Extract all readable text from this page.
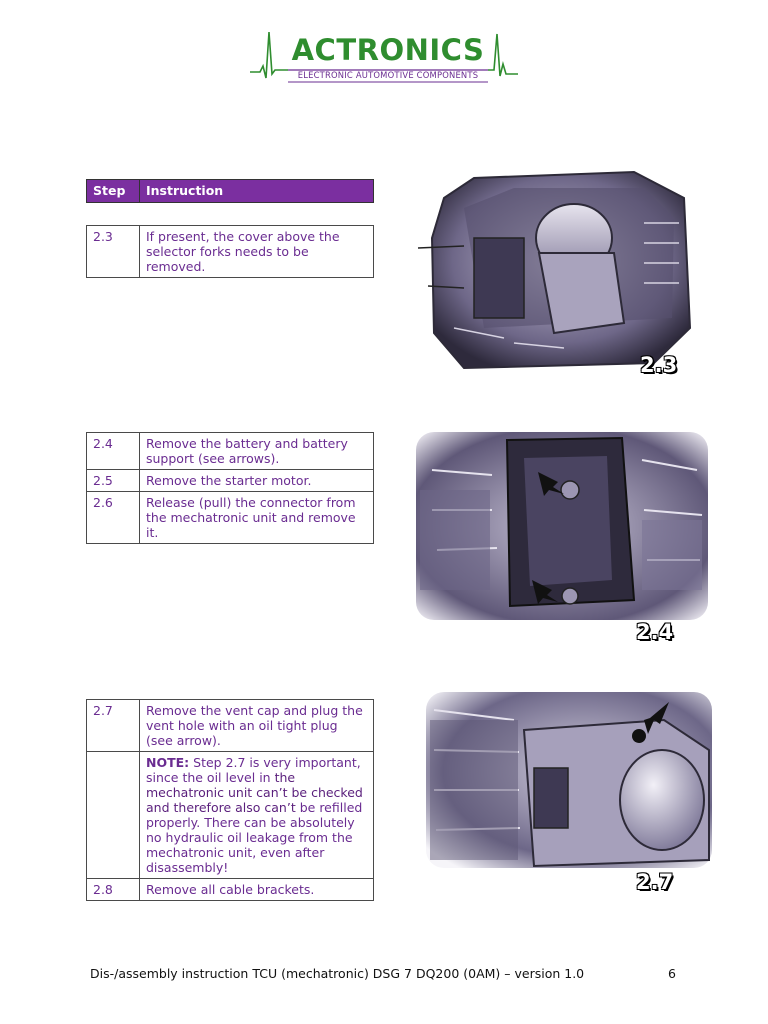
ACTRONICS
ELECTRONIC AUTOMOTIVE COMPONENTS
Step	Instruction
2.3	If present, the cover above the selector forks needs to be removed.
2.4	Remove the battery and battery support (see arrows).
2.5	Remove the starter motor.
2.6	Release (pull) the connector from the mechatronic unit and remove it.
2.7	Remove the vent cap and plug the vent hole with an oil tight plug (see arrow).
	NOTE: Step 2.7 is very important, since the oil level in the mechatronic unit can’t be checked and therefore also can’t be refilled properly. There can be absolutely no hydraulic oil leakage from the mechatronic unit, even after disassembly!
2.8	Remove all cable brackets.
2.3
2.4
2.7
Dis-/assembly instruction TCU (mechatronic) DSG 7 DQ200 (0AM) – version 1.0	6
